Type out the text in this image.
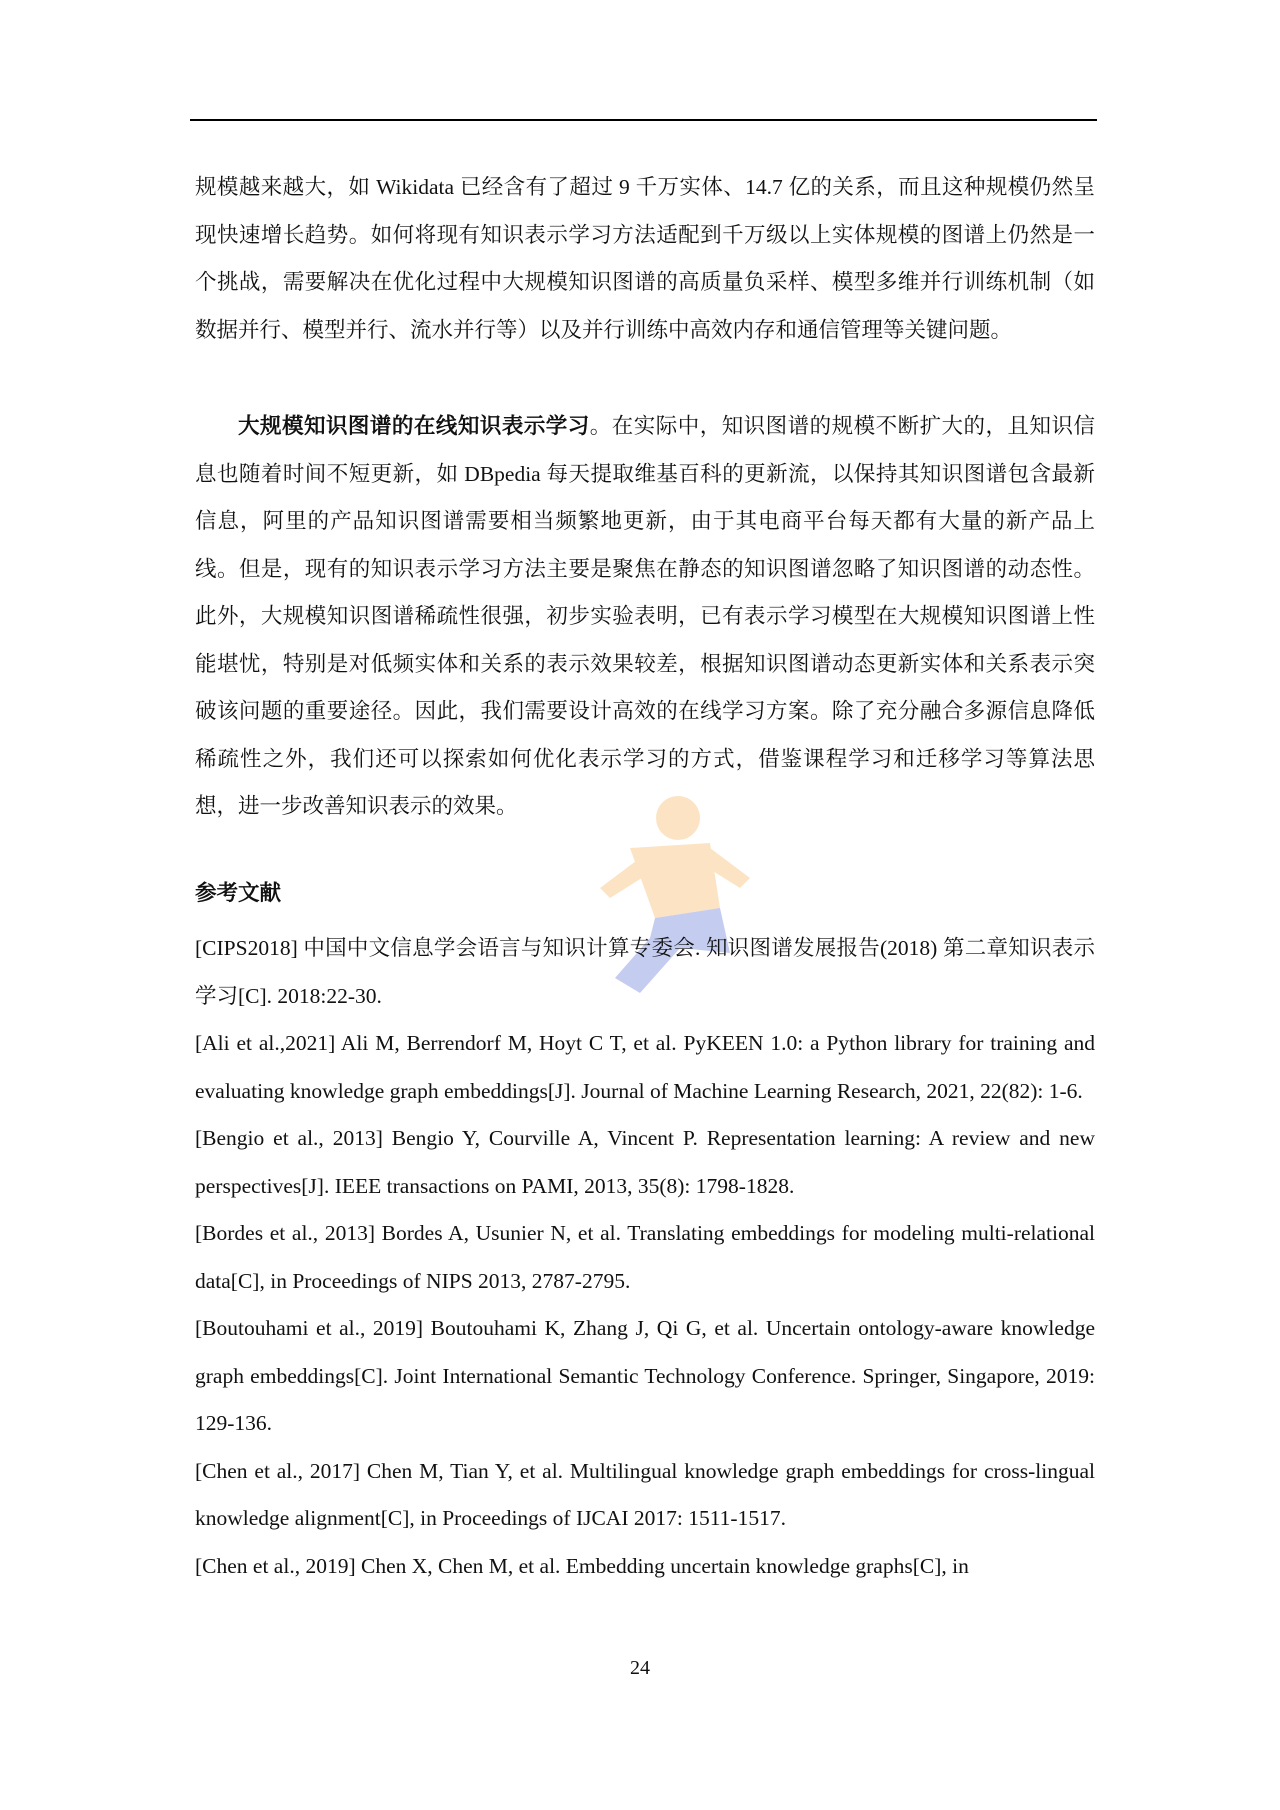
规模越来越大，如 Wikidata 已经含有了超过 9 千万实体、14.7 亿的关系，而且这种规模仍然呈现快速增长趋势。如何将现有知识表示学习方法适配到千万级以上实体规模的图谱上仍然是一个挑战，需要解决在优化过程中大规模知识图谱的高质量负采样、模型多维并行训练机制（如数据并行、模型并行、流水并行等）以及并行训练中高效内存和通信管理等关键问题。

大规模知识图谱的在线知识表示学习。在实际中，知识图谱的规模不断扩大的，且知识信息也随着时间不短更新，如 DBpedia 每天提取维基百科的更新流，以保持其知识图谱包含最新信息，阿里的产品知识图谱需要相当频繁地更新，由于其电商平台每天都有大量的新产品上线。但是，现有的知识表示学习方法主要是聚焦在静态的知识图谱忽略了知识图谱的动态性。此外，大规模知识图谱稀疏性很强，初步实验表明，已有表示学习模型在大规模知识图谱上性能堪忧，特别是对低频实体和关系的表示效果较差，根据知识图谱动态更新实体和关系表示突破该问题的重要途径。因此，我们需要设计高效的在线学习方案。除了充分融合多源信息降低稀疏性之外，我们还可以探索如何优化表示学习的方式，借鉴课程学习和迁移学习等算法思想，进一步改善知识表示的效果。

参考文献

[CIPS2018] 中国中文信息学会语言与知识计算专委会. 知识图谱发展报告(2018) 第二章知识表示学习[C]. 2018:22-30.

[Ali et al.,2021] Ali M, Berrendorf M, Hoyt C T, et al. PyKEEN 1.0: a Python library for training and evaluating knowledge graph embeddings[J]. Journal of Machine Learning Research, 2021, 22(82): 1-6.

[Bengio et al., 2013] Bengio Y, Courville A, Vincent P. Representation learning: A review and new perspectives[J]. IEEE transactions on PAMI, 2013, 35(8): 1798-1828.

[Bordes et al., 2013] Bordes A, Usunier N, et al. Translating embeddings for modeling multi-relational data[C], in Proceedings of NIPS 2013, 2787-2795.

[Boutouhami et al., 2019] Boutouhami K, Zhang J, Qi G, et al. Uncertain ontology-aware knowledge graph embeddings[C]. Joint International Semantic Technology Conference. Springer, Singapore, 2019: 129-136.

[Chen et al., 2017] Chen M, Tian Y, et al. Multilingual knowledge graph embeddings for cross-lingual knowledge alignment[C], in Proceedings of IJCAI 2017: 1511-1517.

[Chen et al., 2019] Chen X, Chen M, et al. Embedding uncertain knowledge graphs[C], in

24
